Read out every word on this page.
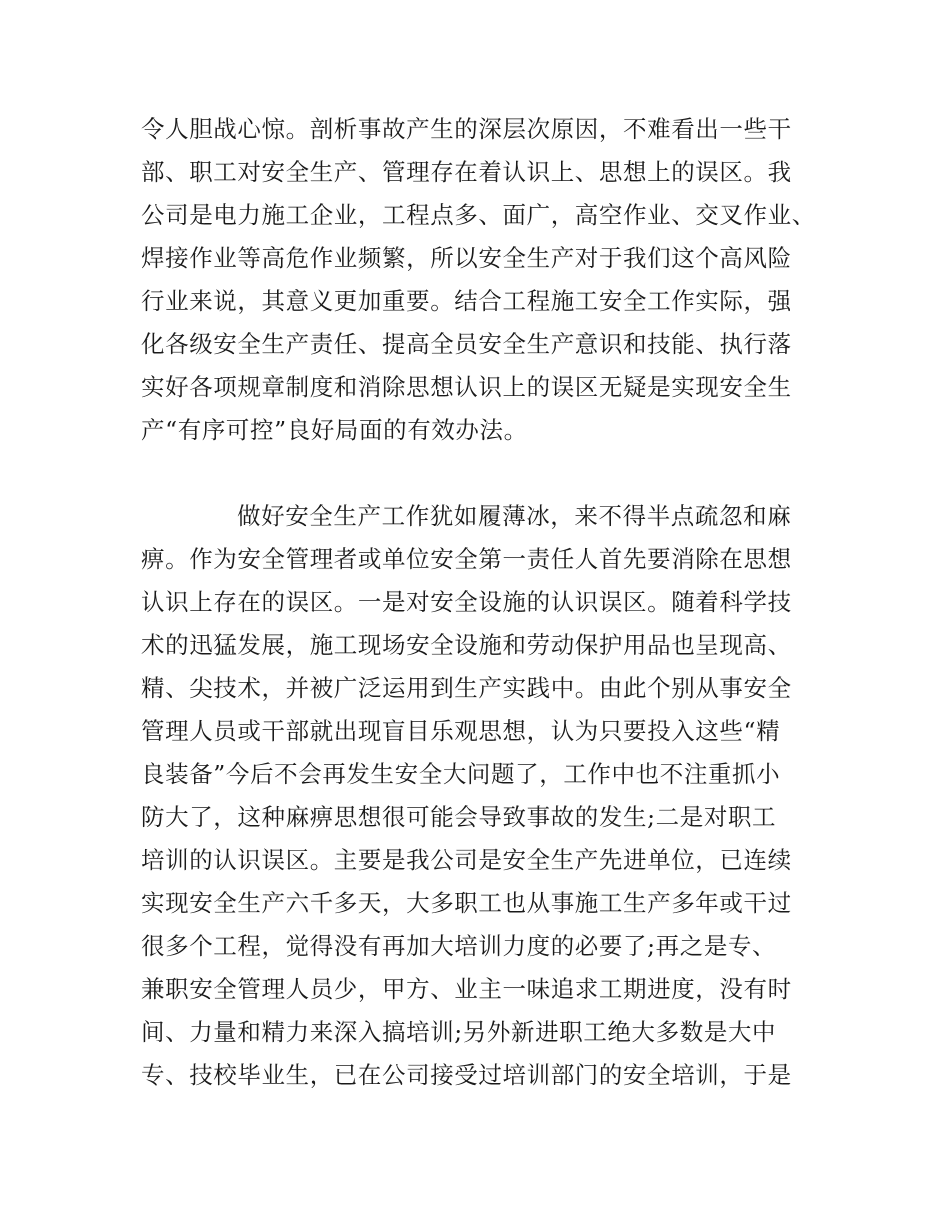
令人胆战心惊。剖析事故产生的深层次原因，不难看出一些干
部、职工对安全生产、管理存在着认识上、思想上的误区。我
公司是电力施工企业，工程点多、面广，高空作业、交叉作业、
焊接作业等高危作业频繁，所以安全生产对于我们这个高风险
行业来说，其意义更加重要。结合工程施工安全工作实际，强
化各级安全生产责任、提高全员安全生产意识和技能、执行落
实好各项规章制度和消除思想认识上的误区无疑是实现安全生
产“有序可控”良好局面的有效办法。
做好安全生产工作犹如履薄冰，来不得半点疏忽和麻
痹。作为安全管理者或单位安全第一责任人首先要消除在思想
认识上存在的误区。一是对安全设施的认识误区。随着科学技
术的迅猛发展，施工现场安全设施和劳动保护用品也呈现高、
精、尖技术，并被广泛运用到生产实践中。由此个别从事安全
管理人员或干部就出现盲目乐观思想，认为只要投入这些“精
良装备”今后不会再发生安全大问题了，工作中也不注重抓小
防大了，这种麻痹思想很可能会导致事故的发生;二是对职工
培训的认识误区。主要是我公司是安全生产先进单位，已连续
实现安全生产六千多天，大多职工也从事施工生产多年或干过
很多个工程，觉得没有再加大培训力度的必要了;再之是专、
兼职安全管理人员少，甲方、业主一味追求工期进度，没有时
间、力量和精力来深入搞培训;另外新进职工绝大多数是大中
专、技校毕业生，已在公司接受过培训部门的安全培训，于是
